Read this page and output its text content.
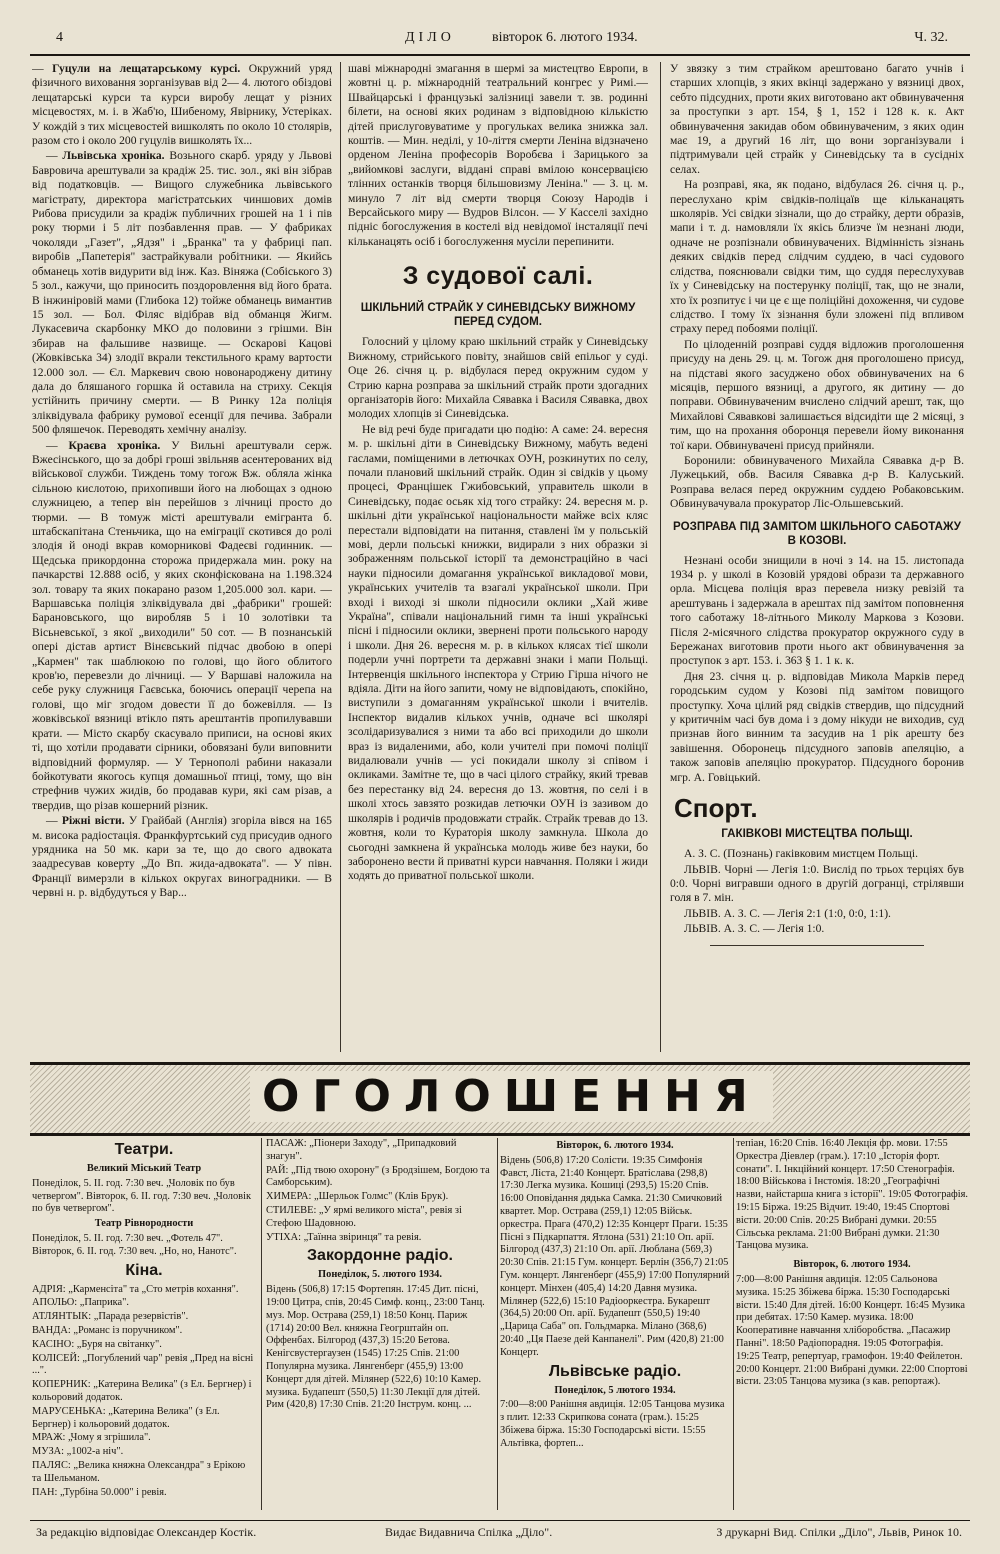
4	ДІЛО	вівторок 6. лютого 1934.	Ч. 32.

— Гуцули на лещатарському курсі. Окружний уряд фізичного виховання зорганізував від 2— 4. лютого обіздові лещатарські курси та курси виробу лещат у різних місцевостях, м. і. в Жаб'ю, Шибеному, Явірнику, Устеріках. У кождій з тих місцевостей вишколять по около 10 столярів, разом сто і около 200 гуцулів вишколять їх...

— Львівська хроніка. Возьного скарб. уряду у Львові Бавровича арештували за крадіж 25. тис. зол., які він зібрав від податковців. — Вищого служебника львівського магістрату, директора магістратських чиншових домів Рибова присудили за крадіж публичних грошей на 1 і пів року тюрми і 5 літ позбавлення прав. — У фабриках чоколяди „Газет", „Ядзя" і „Бранка" та у фабриці пап. виробів „Папетерія" застрайкували робітники. — Якийсь обманець хотів видурити від інж. Каз. Віняжа (Собіського 3) 5 зол., кажучи, що приносить поздоровлення від його брата. В інжиніровій мами (Глибока 12) тойже обманець вимантив 15 зол. — Бол. Філяс відібрав від обманця Жигм. Лукасевича скарбонку МКО до половини з грішми. Він збирав на фальшиве назвище. — Оскарові Кацові (Жовківська 34) злодії вкрали текстильного краму вартости 12.000 зол. — Єл. Маркевич свою новонароджену дитину дала до бляшаного горшка й оставила на стриху. Секція устійнить причину смерти. — В Ринку 12а поліція зліквідувала фабрику румової есенції для печива. Забрали 500 фляшечок. Переводять хемічну аналізу.

— Краєва хроніка. У Вильні арештували серж. Вжесінського, що за добрі гроші звільняв асентерованих від військової служби. Тиждень тому тогож Вж. обляла жінка сільною кислотою, прихопивши його на любощах з одною служницею, а тепер він перейшов з лічниці просто до тюрми. — В томуж місті арештували емігранта б. штабскапітана Стеньчика, що на еміграції скотився до ролі злодія й оноді вкрав коморникові Фадеєві годинник. — Щедська прикордонна сторожа придержала мин. року на пачкарстві 12.888 осіб, у яких сконфіскована на 1.198.324 зол. товару та яких покарано разом 1,205.000 зол. кари. — Варшавська поліція зліквідувала дві „фабрики" грошей: Барановського, що виробляв 5 і 10 золотівки та Вісьневської, з якої „виходили" 50 сот. — В познанській опері дістав артист Вінєвський підчас двобою в опері „Кармен" так шаблюкою по голові, що його облитого кров'ю, перевезли до лічниці. — У Варшаві наложила на себе руку служниця Гаєвська, боючись операції черепа на голові, що міг згодом довести її до божевілля. — Із жовківської вязниці втікло пять арештантів пропилувавши крати. — Місто скарбу скасувало приписи, на основі яких ті, що хотіли продавати сірники, обовязані були виповнити відповідний формуляр. — У Тернополі рабини наказали бойкотувати якогось купця домашньої птиці, тому, що він стрефнив чужих жидів, бо продавав кури, які сам різав, а твердив, що різав кошерний різник.

— Ріжні вісти. У Грайбай (Англія) згоріла вівся на 165 м. висока радіостація. Франкфуртський суд присудив одного урядника на 50 мк. кари за те, що до свого адвоката заадресував коверту „До Вп. жида-адвоката". — У півн. Франції вимерзли в кількох округах виноградники. — В червні н. р. відбудуться у Вар...

шаві міжнародні змагання в шермі за мистецтво Европи, в жовтні ц. р. міжнародній театральний конгрес у Римі.— Швайцарські і французькі залізниці завели т. зв. родинні білети, на основі яких родинам з відповідною кількістю дітей прислуговуватиме у прогульках велика знижка зал. коштів. — Мин. неділі, у 10-ліття смерти Леніна відзначено орденом Леніна професорів Воробєва і Зарицького за „вийомкові заслуги, віддані справі вмілою консервацією тлінних останків творця більшовизму Леніна." — З. ц. м. минуло 7 літ від смерти творця Союзу Народів і Версайського миру — Вудров Вілсон. — У Касселі західно підніс богослужения в костелі від невідомої інсталяції печі кільканацять осіб і богослуження мусіли перепинити.

З судової салі.
ШКІЛЬНИЙ СТРАЙК У СИНЕВІДСЬКУ ВИЖНОМУ ПЕРЕД СУДОМ.

Голосний у цілому краю шкільний страйк у Синевідську Вижному, стрийського повіту, знайшов свій епільог у суді. Оце 26. січня ц. р. відбулася перед окружним судом у Стрию карна розправа за шкільний страйк проти здогадних організаторів його: Михайла Сявавка і Василя Сявавка, двох молодих хлопців зі Синевідська.

Не від речі буде пригадати цю подію: А саме: 24. вересня м. р. шкільні діти в Синевідську Вижному, мабуть ведені гаслами, поміщеними в летючках ОУН, розкинутих по селу, почали плановий шкільний страйк. Один зі свідків у цьому процесі, Францішек Гжибовський, управитель школи в Синевідську, подає осьяк хід того страйку: 24. вересня м. р. шкільні діти української національности майже всіх кляс перестали відповідати на питання, ставлені їм у польській мові, дерли польські книжки, видирали з них образки зі зображенням польської історії та демонстраційно в часі науки підносили домагання української викладової мови, українських учителів та взагалі української школи. При вході і виході зі школи підносили оклики „Хай живе Україна", співали національний гимн та інші українські пісні і підносили оклики, звернені проти польського народу і школи. Дня 26. вересня м. р. в кількох клясах тієї школи подерли учні портрети та державні знаки і мапи Польщі. Інтервенція шкільного інспектора у Стрию Гірша нічого не вдіяла. Діти на його запити, чому не відповідають, спокійно, виступили з домаганням української школи і вчителів. Інспектор видалив кількох учнів, одначе всі школярі зсолідаризувалися з ними та або всі приходили до школи враз із видаленими, або, коли учителі при помочі поліції видалювали учнів — усі покидали школу зі співом і окликами. Замітне те, що в часі цілого страйку, який тревав без перестанку від 24. вересня до 13. жовтня, по селі і в школі хтось завзято розкидав летючки ОУН із зазивом до школярів і родичів продовжати страйк. Страйк тревав до 13. жовтня, коли то Кураторія школу замкнула. Школа до сьогодні замкнена й українська молодь живе без науки, бо заборонено вести й приватні курси навчання. Поляки і жиди ходять до приватної польської школи.

У звязку з тим страйком арештовано багато учнів і старших хлопців, з яких вкінці задержано у вязниці двох, себто підсудних, проти яких виготовано акт обвинувачення за проступки з арт. 154, § 1, 152 і 128 к. к. Акт обвинувачення закидав обом обвинуваченим, з яких один має 19, а другий 16 літ, що вони зорганізували і підтримували цей страйк у Синевідську та в сусідніх селах.

На розправі, яка, як подано, відбулася 26. січня ц. р., переслухано крім свідків-поліцаїв ще кільканацять школярів. Усі свідки зізнали, що до страйку, дерти образів, мапи і т. д. намовляли їх якісь близче їм незнані люди, одначе не розпізнали обвинувачених. Відмінність зізнань деяких свідків перед слідчим суддею, в часі судового слідства, пояснювали свідки тим, що суддя переслухував їх у Синевідську на постерунку поліції, так, що не знали, хто їх розпитує і чи це є ще поліційні дохоження, чи судове слідство. І тому їх зізнання були зложені під впливом страху перед побоями поліції.

По цілоденній розправі суддя відложив проголошення присуду на день 29. ц. м. Тогож дня проголошено присуд, на підставі якого засуджено обох обвинувачених на 6 місяців, першого вязниці, а другого, як дитину — до поправи. Обвинуваченим вчислено слідчий арешт, так, що Михайлові Сявавкові залишається відсидіти ще 2 місяці, з тим, що на прохання оборонця перевели йому виконання тої кари. Обвинувачені присуд прийняли.

Боронили: обвинуваченого Михайла Сявавка д-р В. Лужецький, обв. Василя Сявавка д-р В. Калуський. Розправа велася перед окружним суддею Робаковським. Обвинувачувала прокуратор Ліс-Ольшевський.

РОЗПРАВА ПІД ЗАМІТОМ ШКІЛЬНОГО САБОТАЖУ В КОЗОВІ.

Незнані особи знищили в ночі з 14. на 15. листопада 1934 р. у школі в Козовій урядові образи та державного орла. Місцева поліція враз перевела низку ревізій та арештувань і задержала в арештах під замітом поповнення того саботажу 18-літнього Миколу Маркова з Козови. Після 2-місячного слідства прокуратор окружного суду в Бережанах виготовив проти нього акт обвинувачення за проступок з арт. 153. і. 363 § 1. 1 к. к.

Дня 23. січня ц. р. відповідав Микола Марків перед городським судом у Козові під замітом повищого проступку. Хоча цілий ряд свідків ствердив, що підсудний у критичнім часі був дома і з дому нікуди не виходив, суд признав його винним та засудив на 1 рік арешту без завішення. Оборонець підсудного заповів апеляцію, а також заповів апеляцію прокуратор. Підсудного боронив мгр. А. Говіцький.

Спорт.
ГАКІВКОВІ МИСТЕЦТВА ПОЛЬЩІ.

А. З. С. (Познань) гаківковим мистцем Польщі.

ЛЬВІВ. Чорні — Легія 1:0. Вислід по трьох терціях був 0:0. Чорні вигравши одного в другій догранці, стрілявши голя в 7. мін.

ЛЬВІВ. А. З. С. — Легія 2:1 (1:0, 0:0, 1:1).

ЛЬВІВ. А. З. С. — Легія 1:0.

ОГОЛОШЕННЯ
Театри.
Великий Міський Театр
Понеділок, 5. II. год. 7:30 веч. „Чоловік по був четвергом". Вівторок, 6. II. год. 7:30 веч. „Чоловік по був четвергом".
Театр Рівнородности
Понеділок, 5. II. год. 7:30 веч. „Фотель 47". Вівторок, 6. II. год. 7:30 веч. „Но, но, Нанотс".
Кіна.
АДРІЯ: „Карменсіта" та „Сто метрів кохання".
АПОЛЬО: „Паприка".
АТЛЯНТЫК: „Парада резервістів".
ВАНДА: „Романс із поручником".
КАСІНО: „Буря на світанку".
КОЛІСЕЙ: „Погублений чар" ревія „Пред на вісні ...".
КОПЕРНИК: „Катерина Велика" (з Ел. Бергнер) і кольоровий додаток.
МАРУСЕНЬКА: „Катерина Велика" (з Ел. Бергнер) і кольоровий додаток.
МРАЖ: „Чому я згрішила".
МУЗА: „1002-а ніч".
ПАЛЯС: „Велика княжна Олександра" з Ерікою та Шельманом.
ПАН: „Турбіна 50.000" і ревія.
ПАСАЖ: „Піонери Заходу", „Припадковий знагун".
РАЙ: „Під твою охорону" (з Бродзішем, Богдою та Самборським).
ХИМЕРА: „Шерльок Голмс" (Клів Брук).
СТИЛЕВЕ: „У ярмі великого міста", ревія зі Стефою Шадовною.
УТІХА: „Таїнна звіринця" та ревія.
Закордонне радіо.
Понеділок, 5. лютого 1934.
Відень (506,8) 17:15 Фортепян. 17:45 Дит. пісні, 19:00 Цитра, спів, 20:45 Симф. конц., 23:00 Танц. муз. Мор. Острава (259,1) 18:50 Конц. Париж (1714) 20:00 Вел. княжна Геогрштайн оп. Оффенбах. Білгород (437,3) 15:20 Бетова. Кенігсвустергаузен (1545) 17:25 Спів. 21:00 Популярна музика. Лянгенберг (455,9) 13:00 Концерт для дітей. Мілянер (522,6) 10:10 Камер. музика. Будапешт (550,5) 11:30 Лекції для дітей. Рим (420,8) 17:30 Спів. 21:20 Інструм. конц. ...
Вівторок, 6. лютого 1934.
Відень (506,8) 17:20 Солісти. 19:35 Симфонія Фавст, Ліста, 21:40 Концерт. Братіслава (298,8) 17:30 Легка музика. Кошиці (293,5) 15:20 Спів. 16:00 Оповідання дядька Самка. 21:30 Смичковий квартет. Мор. Острава (259,1) 12:05 Військ. оркестра. Прага (470,2) 12:35 Концерт Праги. 15:35 Пісні з Підкарпаття. Ятлона (531) 21:10 Оп. арії. Білгород (437,3) 21:10 Оп. арії. Люблана (569,3) 20:30 Спів. 21:15 Гум. концерт. Берлін (356,7) 21:05 Гум. концерт. Лянгенберг (455,9) 17:00 Популярний концерт. Мінхен (405,4) 14:20 Давня музика. Мілянер (522,6) 15:10 Радіооркестра. Букарешт (364,5) 20:00 Оп. арії. Будапешт (550,5) 19:40 „Царица Саба" оп. Гольдмарка. Мілано (368,6) 20:40 „Ця Паезе дей Канпанелі". Рим (420,8) 21:00 Концерт.
Львівське радіо.
Понеділок, 5 лютого 1934.
7:00—8:00 Ранішня авдиція. 12:05 Танцова музика з плит. 12:33 Скрипкова соната (грам.). 15:25 Збіжева біржа. 15:30 Господарські вісти. 15:55 Альтівка, фортеп...
тепіан, 16:20 Спів. 16:40 Лекція фр. мови. 17:55 Оркестра Діевлер (грам.). 17:10 „Історія форт. сонати". І. Інкційний концерт. 17:50 Стенографія. 18:00 Військова і Інстомія. 18:20 „Географічні назви, найстарша книга з історії". 19:05 Фотографія. 19:15 Біржа. 19:25 Відчит. 19:40, 19:45 Спортові вісти. 20:00 Спів. 20:25 Вибрані думки. 20:55 Сільська реклама. 21:00 Вибрані думки. 21:30 Танцова музика.
Вівторок, 6. лютого 1934.
7:00—8:00 Ранішня авдиція. 12:05 Сальонова музика. 15:25 Збіжева біржа. 15:30 Господарські вісти. 15:40 Для дітей. 16:00 Концерт. 16:45 Музика при дебятах. 17:50 Камер. музика. 18:00 Кооперативне навчання хліборобства. „Пасажир Панні". 18:50 Радіопорадня. 19:05 Фотографія. 19:25 Театр, репертуар, грамофон. 19:40 Фейлетон. 20:00 Концерт. 21:00 Вибрані думки. 22:00 Спортові вісти. 23:05 Танцова музика (з кав. репортаж).
За редакцію відповідає Олександер Костік.	Видає Видавнича Спілка „Діло".	З друкарні Вид. Спілки „Діло", Львів, Ринок 10.
